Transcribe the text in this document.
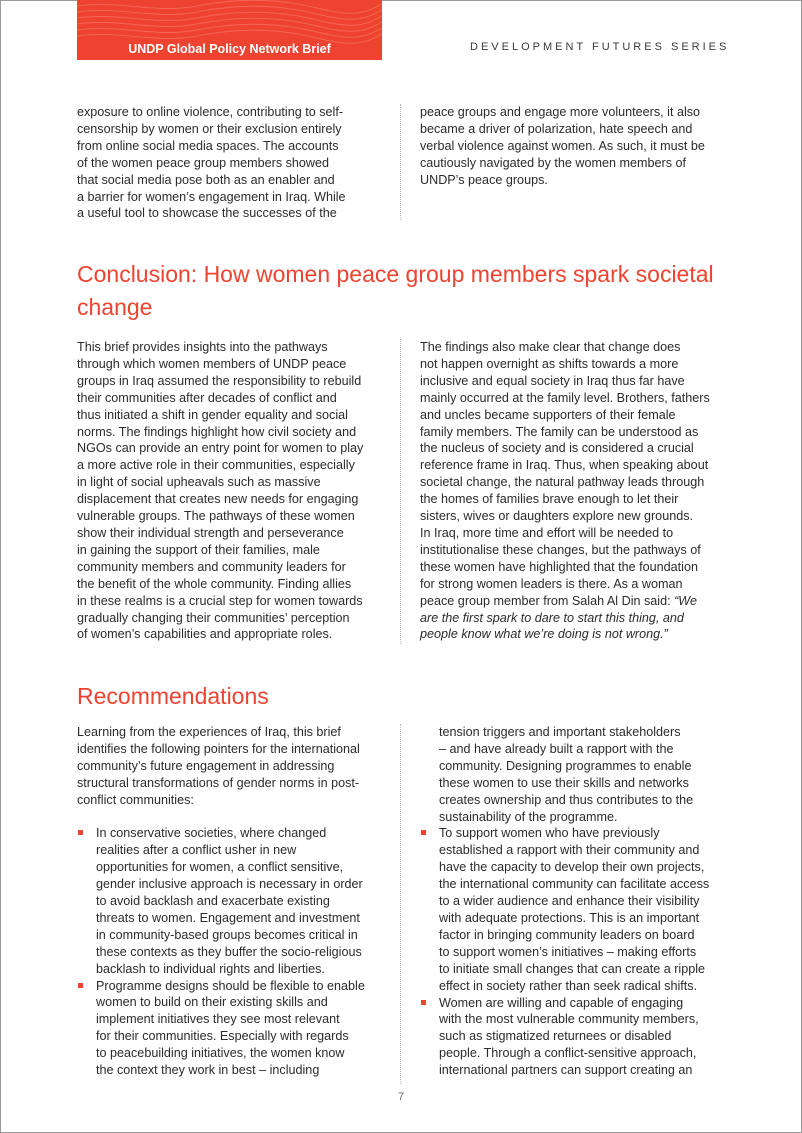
UNDP Global Policy Network Brief	DEVELOPMENT FUTURES SERIES

exposure to online violence, contributing to self-
censorship by women or their exclusion entirely
from online social media spaces. The accounts
of the women peace group members showed
that social media pose both as an enabler and
a barrier for women’s engagement in Iraq. While
a useful tool to showcase the successes of the

peace groups and engage more volunteers, it also
became a driver of polarization, hate speech and
verbal violence against women. As such, it must be
cautiously navigated by the women members of
UNDP’s peace groups.

Conclusion: How women peace group members spark societal change

This brief provides insights into the pathways
through which women members of UNDP peace
groups in Iraq assumed the responsibility to rebuild
their communities after decades of conflict and
thus initiated a shift in gender equality and social
norms. The findings highlight how civil society and
NGOs can provide an entry point for women to play
a more active role in their communities, especially
in light of social upheavals such as massive
displacement that creates new needs for engaging
vulnerable groups. The pathways of these women
show their individual strength and perseverance
in gaining the support of their families, male
community members and community leaders for
the benefit of the whole community. Finding allies
in these realms is a crucial step for women towards
gradually changing their communities’ perception
of women’s capabilities and appropriate roles.

The findings also make clear that change does
not happen overnight as shifts towards a more
inclusive and equal society in Iraq thus far have
mainly occurred at the family level. Brothers, fathers
and uncles became supporters of their female
family members. The family can be understood as
the nucleus of society and is considered a crucial
reference frame in Iraq. Thus, when speaking about
societal change, the natural pathway leads through
the homes of families brave enough to let their
sisters, wives or daughters explore new grounds.
In Iraq, more time and effort will be needed to
institutionalise these changes, but the pathways of
these women have highlighted that the foundation
for strong women leaders is there. As a woman
peace group member from Salah Al Din said: “We
are the first spark to dare to start this thing, and
people know what we’re doing is not wrong.”

Recommendations

Learning from the experiences of Iraq, this brief
identifies the following pointers for the international
community’s future engagement in addressing
structural transformations of gender norms in post-
conflict communities:

In conservative societies, where changed
realities after a conflict usher in new
opportunities for women, a conflict sensitive,
gender inclusive approach is necessary in order
to avoid backlash and exacerbate existing
threats to women. Engagement and investment
in community-based groups becomes critical in
these contexts as they buffer the socio-religious
backlash to individual rights and liberties.
Programme designs should be flexible to enable
women to build on their existing skills and
implement initiatives they see most relevant
for their communities. Especially with regards
to peacebuilding initiatives, the women know
the context they work in best – including
tension triggers and important stakeholders
– and have already built a rapport with the
community. Designing programmes to enable
these women to use their skills and networks
creates ownership and thus contributes to the
sustainability of the programme.
To support women who have previously
established a rapport with their community and
have the capacity to develop their own projects,
the international community can facilitate access
to a wider audience and enhance their visibility
with adequate protections. This is an important
factor in bringing community leaders on board
to support women’s initiatives – making efforts
to initiate small changes that can create a ripple
effect in society rather than seek radical shifts.
Women are willing and capable of engaging
with the most vulnerable community members,
such as stigmatized returnees or disabled
people. Through a conflict-sensitive approach,
international partners can support creating an
7
